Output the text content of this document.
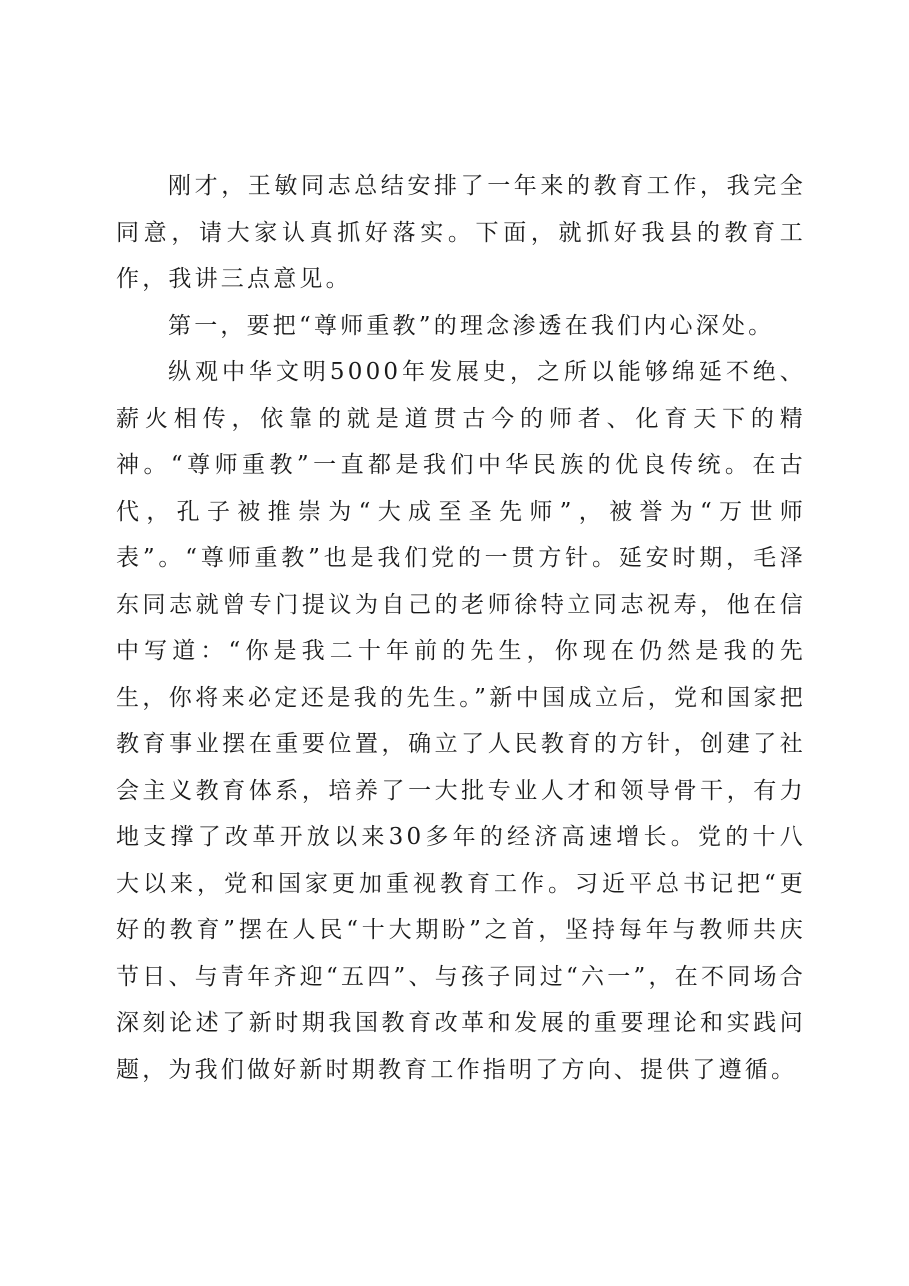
刚才，王敏同志总结安排了一年来的教育工作，我完全同意，请大家认真抓好落实。下面，就抓好我县的教育工作，我讲三点意见。

第一，要把“尊师重教”的理念渗透在我们内心深处。

纵观中华文明5000年发展史，之所以能够绵延不绝、薪火相传，依靠的就是道贯古今的师者、化育天下的精神。“尊师重教”一直都是我们中华民族的优良传统。在古代，孔子被推崇为“大成至圣先师”，被誉为“万世师表”。“尊师重教”也是我们党的一贯方针。延安时期，毛泽东同志就曾专门提议为自己的老师徐特立同志祝寿，他在信中写道：“你是我二十年前的先生，你现在仍然是我的先生，你将来必定还是我的先生。”新中国成立后，党和国家把教育事业摆在重要位置，确立了人民教育的方针，创建了社会主义教育体系，培养了一大批专业人才和领导骨干，有力地支撑了改革开放以来30多年的经济高速增长。党的十八大以来，党和国家更加重视教育工作。习近平总书记把“更好的教育”摆在人民“十大期盼”之首，坚持每年与教师共庆节日、与青年齐迎“五四”、与孩子同过“六一”，在不同场合深刻论述了新时期我国教育改革和发展的重要理论和实践问题，为我们做好新时期教育工作指明了方向、提供了遵循。
